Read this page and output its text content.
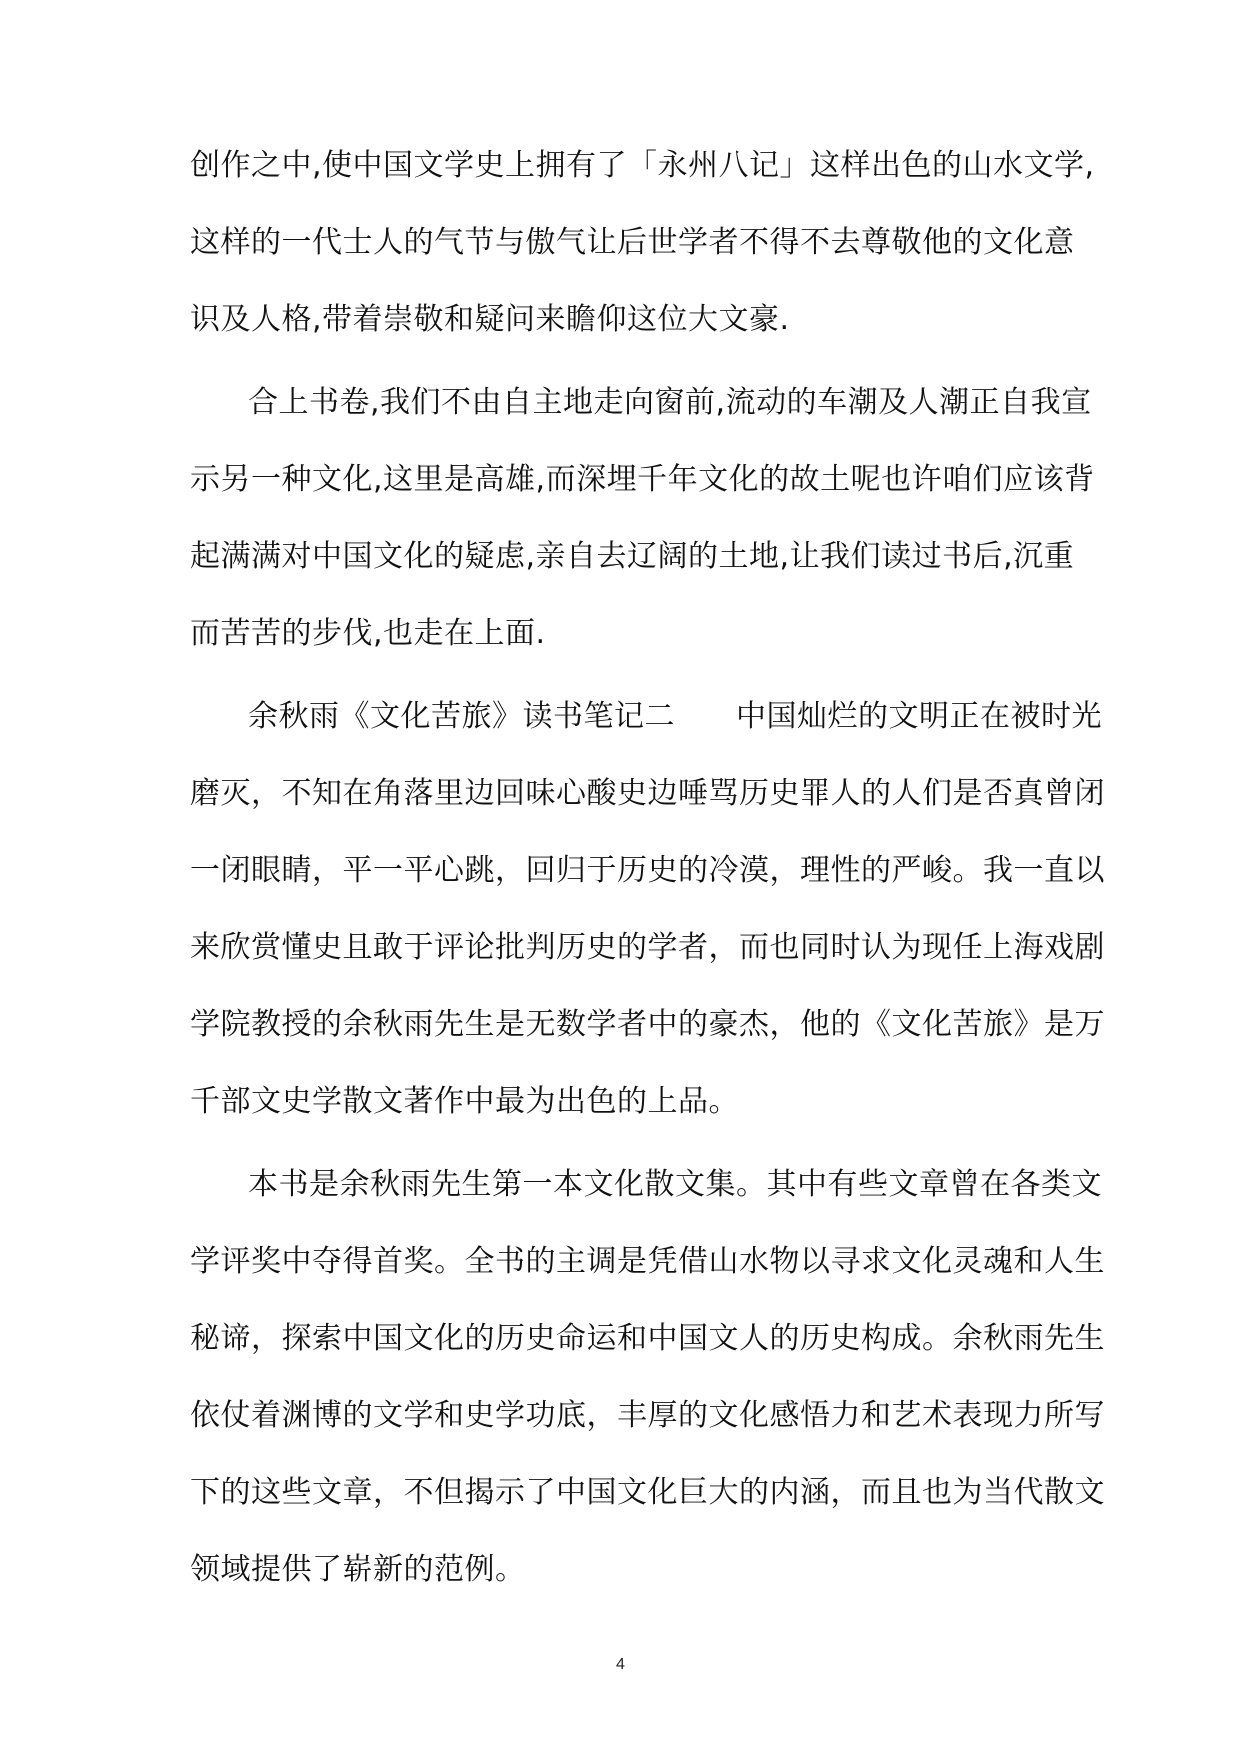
创作之中,使中国文学史上拥有了「永州八记」这样出色的山水文学,
这样的一代士人的气节与傲气让后世学者不得不去尊敬他的文化意
识及人格,带着崇敬和疑问来瞻仰这位大文豪.
合上书卷,我们不由自主地走向窗前,流动的车潮及人潮正自我宣
示另一种文化,这里是高雄,而深埋千年文化的故土呢也许咱们应该背
起满满对中国文化的疑虑,亲自去辽阔的土地,让我们读过书后,沉重
而苦苦的步伐,也走在上面.
余秋雨《文化苦旅》读书笔记二　　中国灿烂的文明正在被时光
磨灭，不知在角落里边回味心酸史边唾骂历史罪人的人们是否真曾闭
一闭眼睛，平一平心跳，回归于历史的冷漠，理性的严峻。我一直以
来欣赏懂史且敢于评论批判历史的学者，而也同时认为现任上海戏剧
学院教授的余秋雨先生是无数学者中的豪杰，他的《文化苦旅》是万
千部文史学散文著作中最为出色的上品。
本书是余秋雨先生第一本文化散文集。其中有些文章曾在各类文
学评奖中夺得首奖。全书的主调是凭借山水物以寻求文化灵魂和人生
秘谛，探索中国文化的历史命运和中国文人的历史构成。余秋雨先生
依仗着渊博的文学和史学功底，丰厚的文化感悟力和艺术表现力所写
下的这些文章，不但揭示了中国文化巨大的内涵，而且也为当代散文
领域提供了崭新的范例。
4
